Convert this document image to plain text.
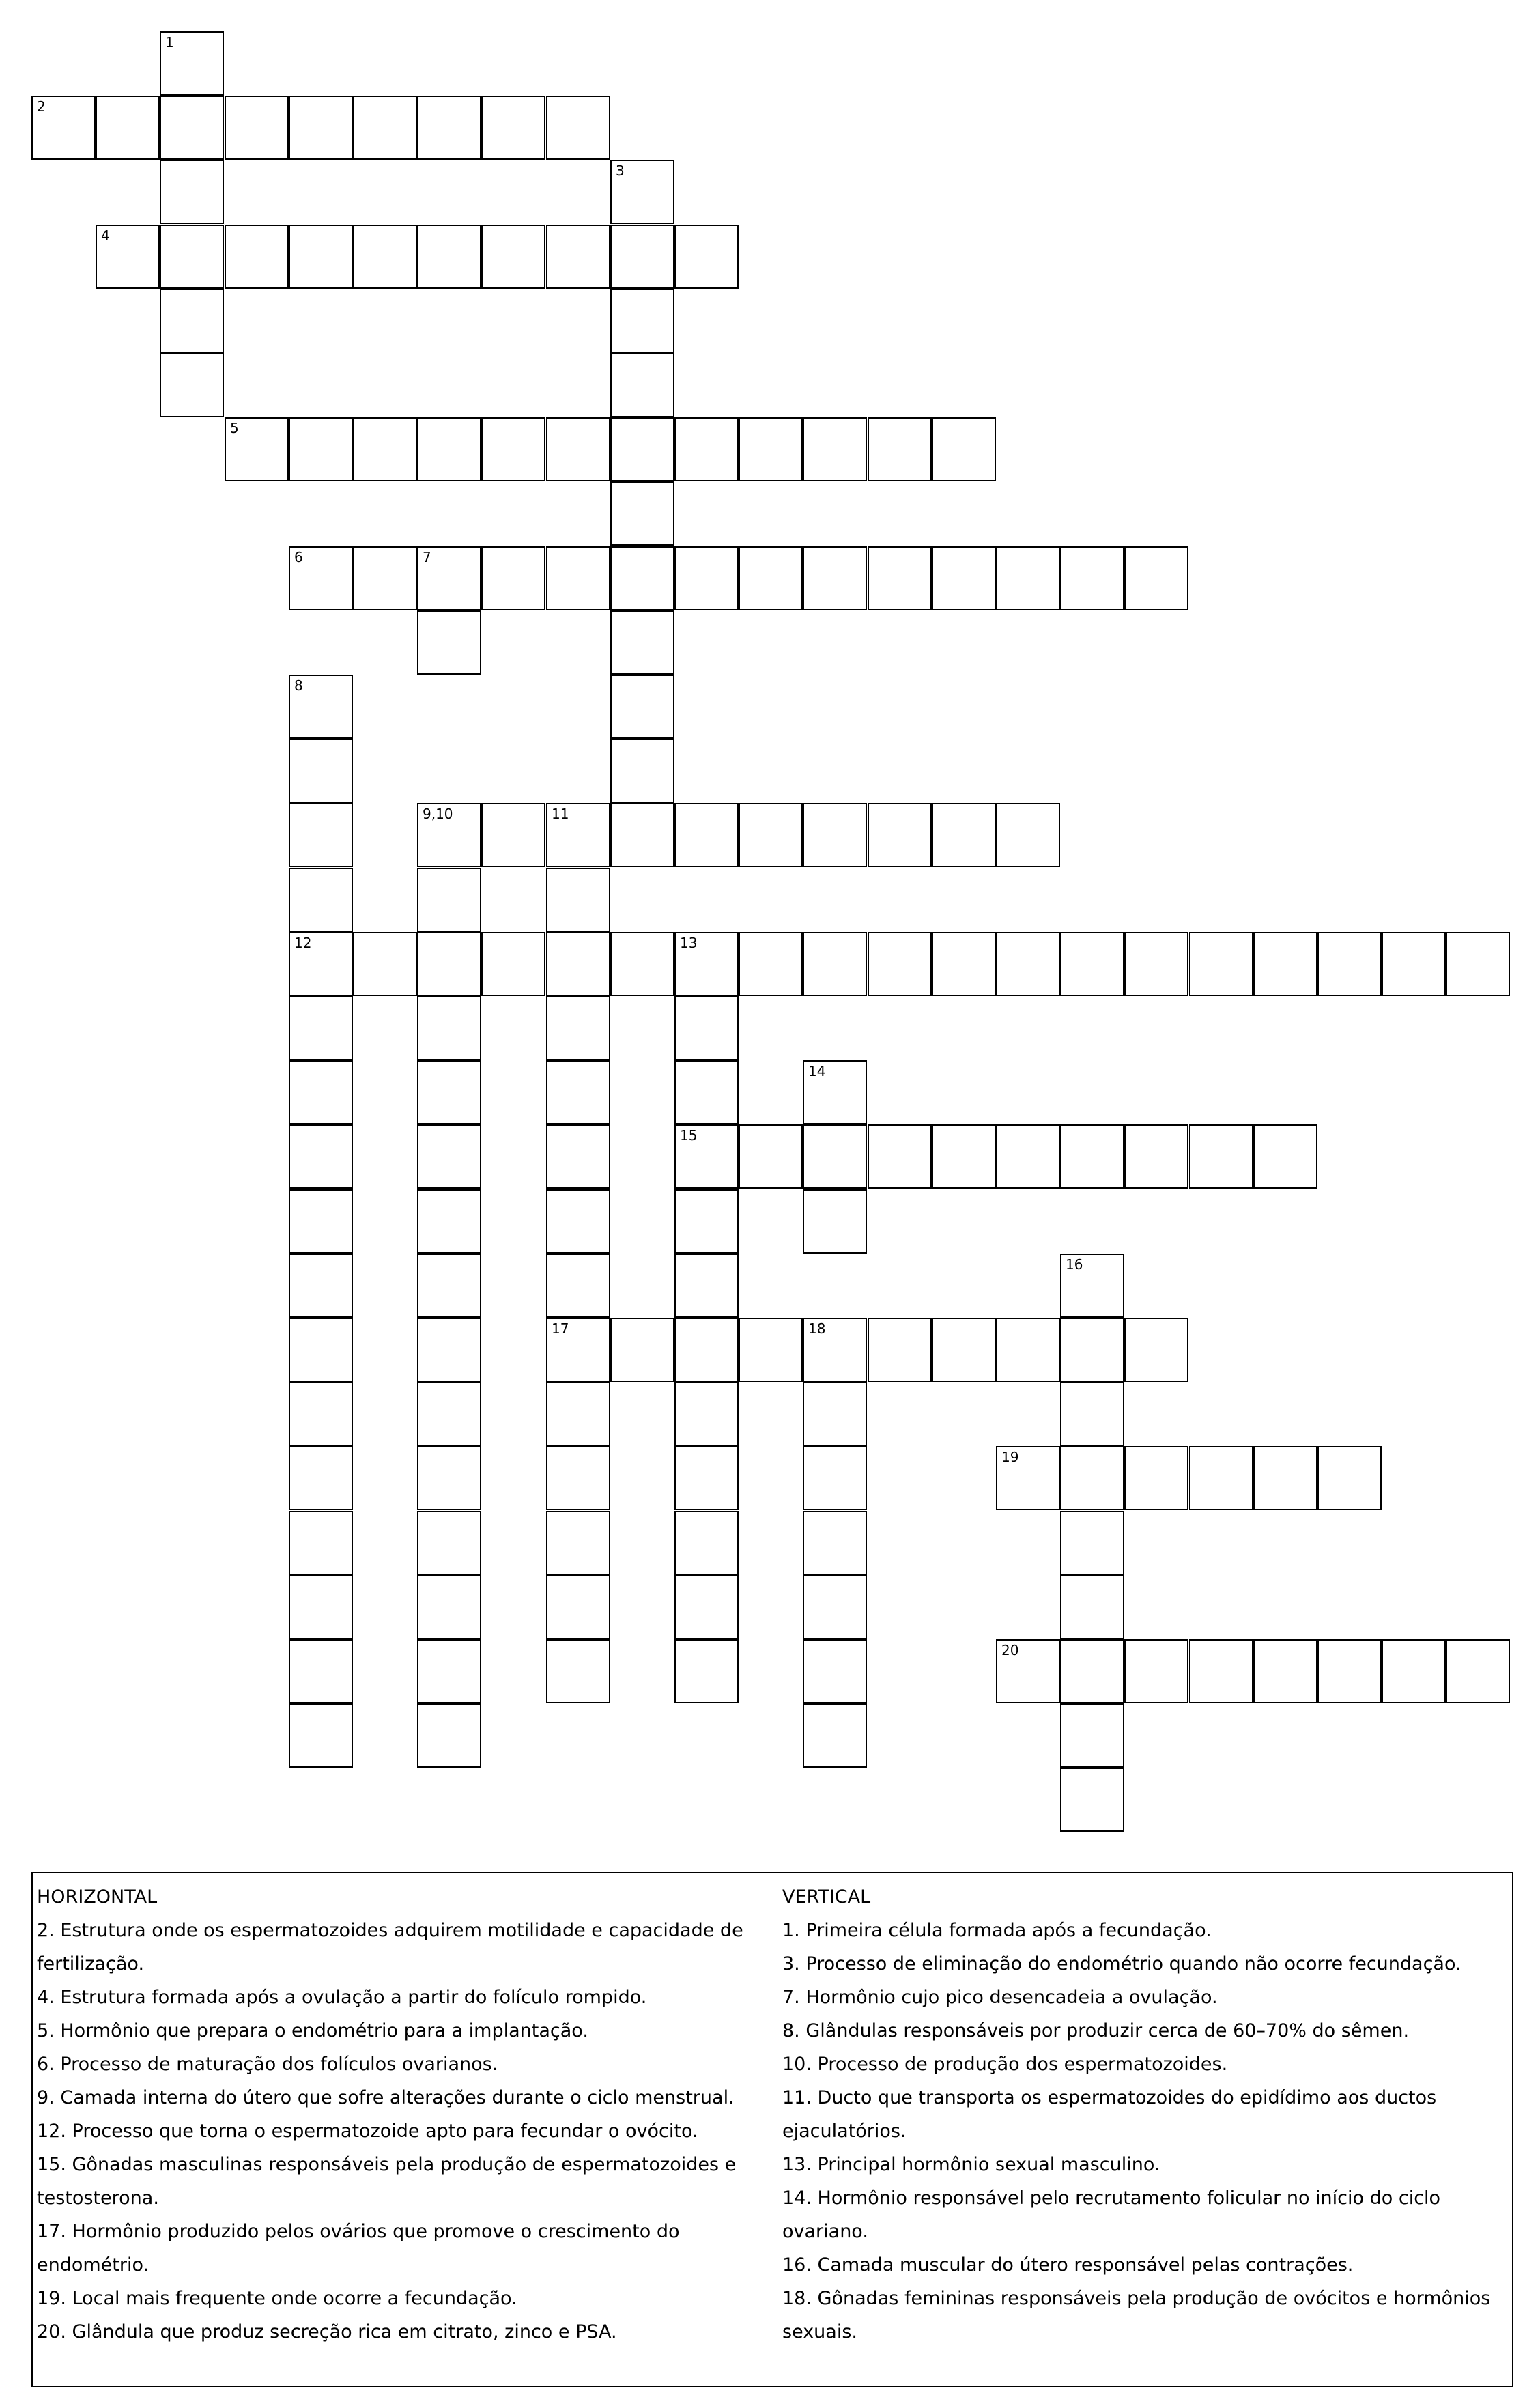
2
4
5
6	7
9,10	11
12	13
15
17	18
19
20
1
3
8
14
16
HORIZONTAL
2. Estrutura onde os espermatozoides adquirem motilidade e capacidade de fertilização.
4. Estrutura formada após a ovulação a partir do folículo rompido.
5. Hormônio que prepara o endométrio para a implantação.
6. Processo de maturação dos folículos ovarianos.
9. Camada interna do útero que sofre alterações durante o ciclo menstrual.
12. Processo que torna o espermatozoide apto para fecundar o ovócito.
15. Gônadas masculinas responsáveis pela produção de espermatozoides e testosterona.
17. Hormônio produzido pelos ovários que promove o crescimento do endométrio.
19. Local mais frequente onde ocorre a fecundação.
20. Glândula que produz secreção rica em citrato, zinco e PSA.
VERTICAL
1. Primeira célula formada após a fecundação.
3. Processo de eliminação do endométrio quando não ocorre fecundação.
7. Hormônio cujo pico desencadeia a ovulação.
8. Glândulas responsáveis por produzir cerca de 60–70% do sêmen.
10. Processo de produção dos espermatozoides.
11. Ducto que transporta os espermatozoides do epidídimo aos ductos ejaculatórios.
13. Principal hormônio sexual masculino.
14. Hormônio responsável pelo recrutamento folicular no início do ciclo ovariano.
16. Camada muscular do útero responsável pelas contrações.
18. Gônadas femininas responsáveis pela produção de ovócitos e hormônios sexuais.
